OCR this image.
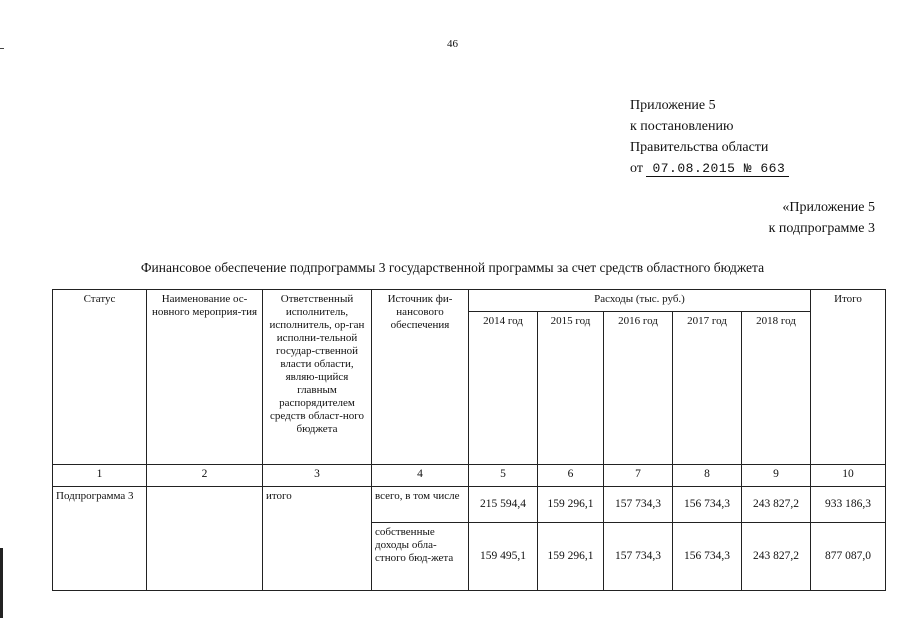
46
Приложение 5
к постановлению
Правительства области
от 07.08.2015 № 663
«Приложение 5
к подпрограмме 3
Финансовое обеспечение подпрограммы 3 государственной программы за счет средств областного бюджета
Статус	Наименование ос-новного мероприя-тия	Ответственный исполнитель, исполнитель, ор-ган исполни-тельной государ-ственной власти области, являю-щийся главным распорядителем средств област-ного бюджета	Источник фи-нансового обеспечения	Расходы (тыс. руб.)					Итого
				2014 год	2015 год	2016 год	2017 год	2018 год	
1	2	3	4	5	6	7	8	9	10
Подпрограмма 3		итого	всего, в том числе	215 594,4	159 296,1	157 734,3	156 734,3	243 827,2	933 186,3
			собственные доходы обла-стного бюд-жета	159 495,1	159 296,1	157 734,3	156 734,3	243 827,2	877 087,0
